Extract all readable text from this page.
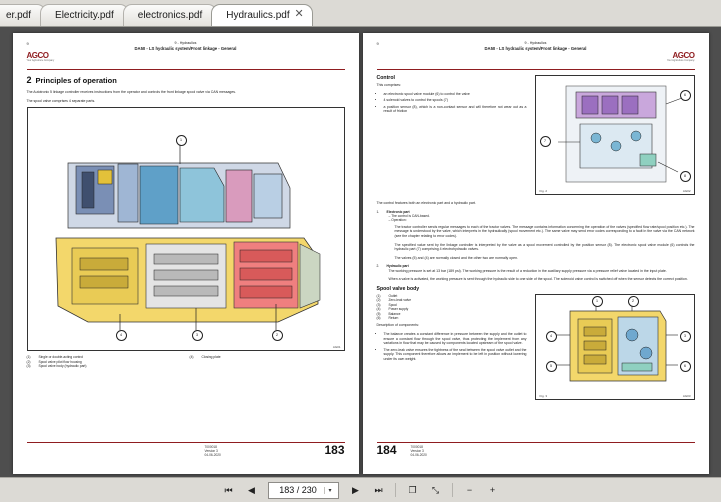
er.pdf	Electricity.pdf	electronics.pdf	Hydraulics.pdf ✕
9	9 - Hydraulics
DA50 - LS hydraulic system/Front linkage - General
AGCO
Your Agriculture Company
2 Principles of operation

The Autotronic 5 linkage controller receives instructions from the operator and controls the front linkage spool valve via CAN messages.

The spool valve comprises 4 separate parts.

1
2
3
4
AG01
(1) Single or double-acting control
(2) Spool valve pilot flow housing
(3) Spool valve body (hydraulic part)
(4) Closing plate
7000018
Version 3
04-06-2020	183
9	9 - Hydraulics
DA50 - LS hydraulic system/Front linkage - General
AGCO
Your Agriculture Company
Control

This comprises:

• an electronic spool valve module (6) to control the valve
• 4 solenoid valves to control the spools (7)
• a position sensor (8), which is a non-contact sensor and will therefore not wear out as a result of friction
6
7
8
Fig. 2	AG02

The control features both an electronic part and a hydraulic part.

1.	Electronic part
– The control is CAN-based.
– Operation:

The tractor controller sends regular messages to each of the tractor valves. The message contains information concerning the operation of the valves (specified flow rate/spool position etc.). The message is understood by the valve, which interprets in the hydraulically (spool movement etc.). The same valve may send error codes corresponding to a fault in the valve via the CAN network (see the chapter relating to error codes).

The specified value sent by the linkage controller is interpreted by the valve as a spool movement controlled by the position sensor (8). The electronic spool valve module (6) controls the hydraulic part (7) comprising 4 electrohydraulic valves.

The valves (5) and (4) are normally closed and the other two are normally open.

2.	Hydraulic part

The working pressure is set at 13 bar (189 psi). The working pressure is the result of a reduction in the auxiliary supply pressure via a pressure relief valve located in the input plate.

When a valve is activated, the working pressure is sent through the hydraulic side to one side of the spool. The solenoid valve control is switched off when the sensor detects the correct position.

Spool valve body
(1) Outlet
(2) Zero-leak valve
(3) Spool
(4) Power supply
(5) Balance
(6) Return

Description of components:

• The balance creates a constant difference in pressure between the supply and the outlet to ensure a constant flow through the spool valve, thus protecting the implement from any variations in flow that may be caused by components located upstream of the spool valve.
• The zero-leak valve ensures the tightness of the seal between the spool valve outlet and the supply. This component therefore allows an implement to be left in position without lowering under its own weight.
1	2
3
4
5	6
Fig. 3	AG03
7000018
Version 3
04-06-2020
184
⏮	◀	183 / 230	▾	▶	⏭	❐	⤡	−	+
